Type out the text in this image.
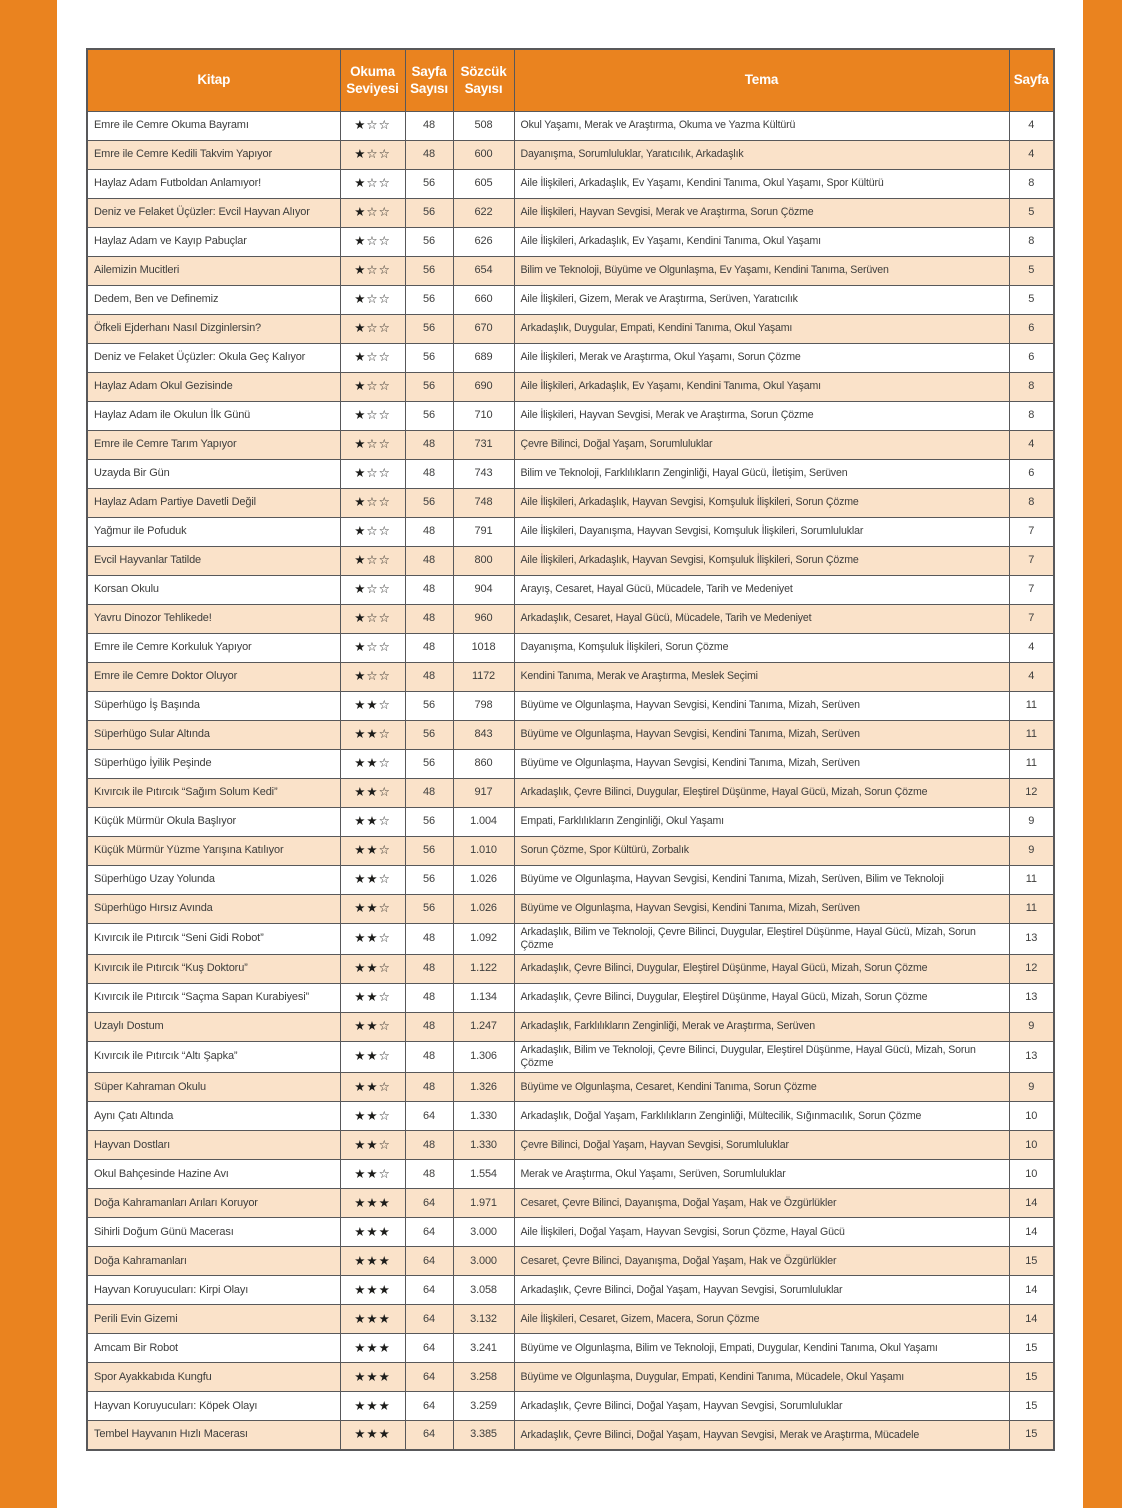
Kitap	Okuma Seviyesi	Sayfa Sayısı	Sözcük Sayısı	Tema	Sayfa
Emre ile Cemre Okuma Bayramı	★☆☆	48	508	Okul Yaşamı, Merak ve Araştırma, Okuma ve Yazma Kültürü	4
Emre ile Cemre Kedili Takvim Yapıyor	★☆☆	48	600	Dayanışma, Sorumluluklar, Yaratıcılık, Arkadaşlık	4
Haylaz Adam Futboldan Anlamıyor!	★☆☆	56	605	Aile İlişkileri, Arkadaşlık, Ev Yaşamı, Kendini Tanıma, Okul Yaşamı, Spor Kültürü	8
Deniz ve Felaket Üçüzler: Evcil Hayvan Alıyor	★☆☆	56	622	Aile İlişkileri, Hayvan Sevgisi, Merak ve Araştırma, Sorun Çözme	5
Haylaz Adam ve Kayıp Pabuçlar	★☆☆	56	626	Aile İlişkileri, Arkadaşlık, Ev Yaşamı, Kendini Tanıma, Okul Yaşamı	8
Ailemizin Mucitleri	★☆☆	56	654	Bilim ve Teknoloji, Büyüme ve Olgunlaşma, Ev Yaşamı, Kendini Tanıma, Serüven	5
Dedem, Ben ve Definemiz	★☆☆	56	660	Aile İlişkileri, Gizem, Merak ve Araştırma, Serüven, Yaratıcılık	5
Öfkeli Ejderhanı Nasıl Dizginlersin?	★☆☆	56	670	Arkadaşlık, Duygular, Empati, Kendini Tanıma, Okul Yaşamı	6
Deniz ve Felaket Üçüzler: Okula Geç Kalıyor	★☆☆	56	689	Aile İlişkileri, Merak ve Araştırma, Okul Yaşamı, Sorun Çözme	6
Haylaz Adam Okul Gezisinde	★☆☆	56	690	Aile İlişkileri, Arkadaşlık, Ev Yaşamı, Kendini Tanıma, Okul Yaşamı	8
Haylaz Adam ile Okulun İlk Günü	★☆☆	56	710	Aile İlişkileri, Hayvan Sevgisi, Merak ve Araştırma, Sorun Çözme	8
Emre ile Cemre Tarım Yapıyor	★☆☆	48	731	Çevre Bilinci, Doğal Yaşam, Sorumluluklar	4
Uzayda Bir Gün	★☆☆	48	743	Bilim ve Teknoloji, Farklılıkların Zenginliği, Hayal Gücü, İletişim, Serüven	6
Haylaz Adam Partiye Davetli Değil	★☆☆	56	748	Aile İlişkileri, Arkadaşlık, Hayvan Sevgisi, Komşuluk İlişkileri, Sorun Çözme	8
Yağmur ile Pofuduk	★☆☆	48	791	Aile İlişkileri, Dayanışma, Hayvan Sevgisi, Komşuluk İlişkileri, Sorumluluklar	7
Evcil Hayvanlar Tatilde	★☆☆	48	800	Aile İlişkileri, Arkadaşlık, Hayvan Sevgisi, Komşuluk İlişkileri, Sorun Çözme	7
Korsan Okulu	★☆☆	48	904	Arayış, Cesaret, Hayal Gücü, Mücadele, Tarih ve Medeniyet	7
Yavru Dinozor Tehlikede!	★☆☆	48	960	Arkadaşlık, Cesaret, Hayal Gücü, Mücadele, Tarih ve Medeniyet	7
Emre ile Cemre Korkuluk Yapıyor	★☆☆	48	1018	Dayanışma, Komşuluk İlişkileri, Sorun Çözme	4
Emre ile Cemre Doktor Oluyor	★☆☆	48	1172	Kendini Tanıma, Merak ve Araştırma, Meslek Seçimi	4
Süperhügo İş Başında	★★☆	56	798	Büyüme ve Olgunlaşma, Hayvan Sevgisi, Kendini Tanıma, Mizah, Serüven	11
Süperhügo Sular Altında	★★☆	56	843	Büyüme ve Olgunlaşma, Hayvan Sevgisi, Kendini Tanıma, Mizah, Serüven	11
Süperhügo İyilik Peşinde	★★☆	56	860	Büyüme ve Olgunlaşma, Hayvan Sevgisi, Kendini Tanıma, Mizah, Serüven	11
Kıvırcık ile Pıtırcık “Sağım Solum Kedi”	★★☆	48	917	Arkadaşlık, Çevre Bilinci, Duygular, Eleştirel Düşünme, Hayal Gücü, Mizah, Sorun Çözme	12
Küçük Mürmür Okula Başlıyor	★★☆	56	1.004	Empati, Farklılıkların Zenginliği, Okul Yaşamı	9
Küçük Mürmür Yüzme Yarışına Katılıyor	★★☆	56	1.010	Sorun Çözme, Spor Kültürü, Zorbalık	9
Süperhügo Uzay Yolunda	★★☆	56	1.026	Büyüme ve Olgunlaşma, Hayvan Sevgisi, Kendini Tanıma, Mizah, Serüven, Bilim ve Teknoloji	11
Süperhügo Hırsız Avında	★★☆	56	1.026	Büyüme ve Olgunlaşma, Hayvan Sevgisi, Kendini Tanıma, Mizah, Serüven	11
Kıvırcık ile Pıtırcık “Seni Gidi Robot”	★★☆	48	1.092	Arkadaşlık, Bilim ve Teknoloji, Çevre Bilinci, Duygular, Eleştirel Düşünme, Hayal Gücü, Mizah, Sorun Çözme	13
Kıvırcık ile Pıtırcık “Kuş Doktoru”	★★☆	48	1.122	Arkadaşlık, Çevre Bilinci, Duygular, Eleştirel Düşünme, Hayal Gücü, Mizah, Sorun Çözme	12
Kıvırcık ile Pıtırcık “Saçma Sapan Kurabiyesi”	★★☆	48	1.134	Arkadaşlık, Çevre Bilinci, Duygular, Eleştirel Düşünme, Hayal Gücü, Mizah, Sorun Çözme	13
Uzaylı Dostum	★★☆	48	1.247	Arkadaşlık, Farklılıkların Zenginliği, Merak ve Araştırma, Serüven	9
Kıvırcık ile Pıtırcık “Altı Şapka”	★★☆	48	1.306	Arkadaşlık, Bilim ve Teknoloji, Çevre Bilinci, Duygular, Eleştirel Düşünme, Hayal Gücü, Mizah, Sorun Çözme	13
Süper Kahraman Okulu	★★☆	48	1.326	Büyüme ve Olgunlaşma, Cesaret, Kendini Tanıma, Sorun Çözme	9
Aynı Çatı Altında	★★☆	64	1.330	Arkadaşlık, Doğal Yaşam, Farklılıkların Zenginliği, Mültecilik, Sığınmacılık, Sorun Çözme	10
Hayvan Dostları	★★☆	48	1.330	Çevre Bilinci, Doğal Yaşam, Hayvan Sevgisi, Sorumluluklar	10
Okul Bahçesinde Hazine Avı	★★☆	48	1.554	Merak ve Araştırma, Okul Yaşamı, Serüven, Sorumluluklar	10
Doğa Kahramanları Arıları Koruyor	★★★	64	1.971	Cesaret, Çevre Bilinci, Dayanışma, Doğal Yaşam, Hak ve Özgürlükler	14
Sihirli Doğum Günü Macerası	★★★	64	3.000	Aile İlişkileri, Doğal Yaşam, Hayvan Sevgisi, Sorun Çözme, Hayal Gücü	14
Doğa Kahramanları	★★★	64	3.000	Cesaret, Çevre Bilinci, Dayanışma, Doğal Yaşam, Hak ve Özgürlükler	15
Hayvan Koruyucuları: Kirpi Olayı	★★★	64	3.058	Arkadaşlık, Çevre Bilinci, Doğal Yaşam, Hayvan Sevgisi, Sorumluluklar	14
Perili Evin Gizemi	★★★	64	3.132	Aile İlişkileri, Cesaret, Gizem, Macera, Sorun Çözme	14
Amcam Bir Robot	★★★	64	3.241	Büyüme ve Olgunlaşma, Bilim ve Teknoloji, Empati, Duygular, Kendini Tanıma, Okul Yaşamı	15
Spor Ayakkabıda Kungfu	★★★	64	3.258	Büyüme ve Olgunlaşma, Duygular, Empati, Kendini Tanıma, Mücadele, Okul Yaşamı	15
Hayvan Koruyucuları: Köpek Olayı	★★★	64	3.259	Arkadaşlık, Çevre Bilinci, Doğal Yaşam, Hayvan Sevgisi, Sorumluluklar	15
Tembel Hayvanın Hızlı Macerası	★★★	64	3.385	Arkadaşlık, Çevre Bilinci, Doğal Yaşam, Hayvan Sevgisi, Merak ve Araştırma, Mücadele	15
